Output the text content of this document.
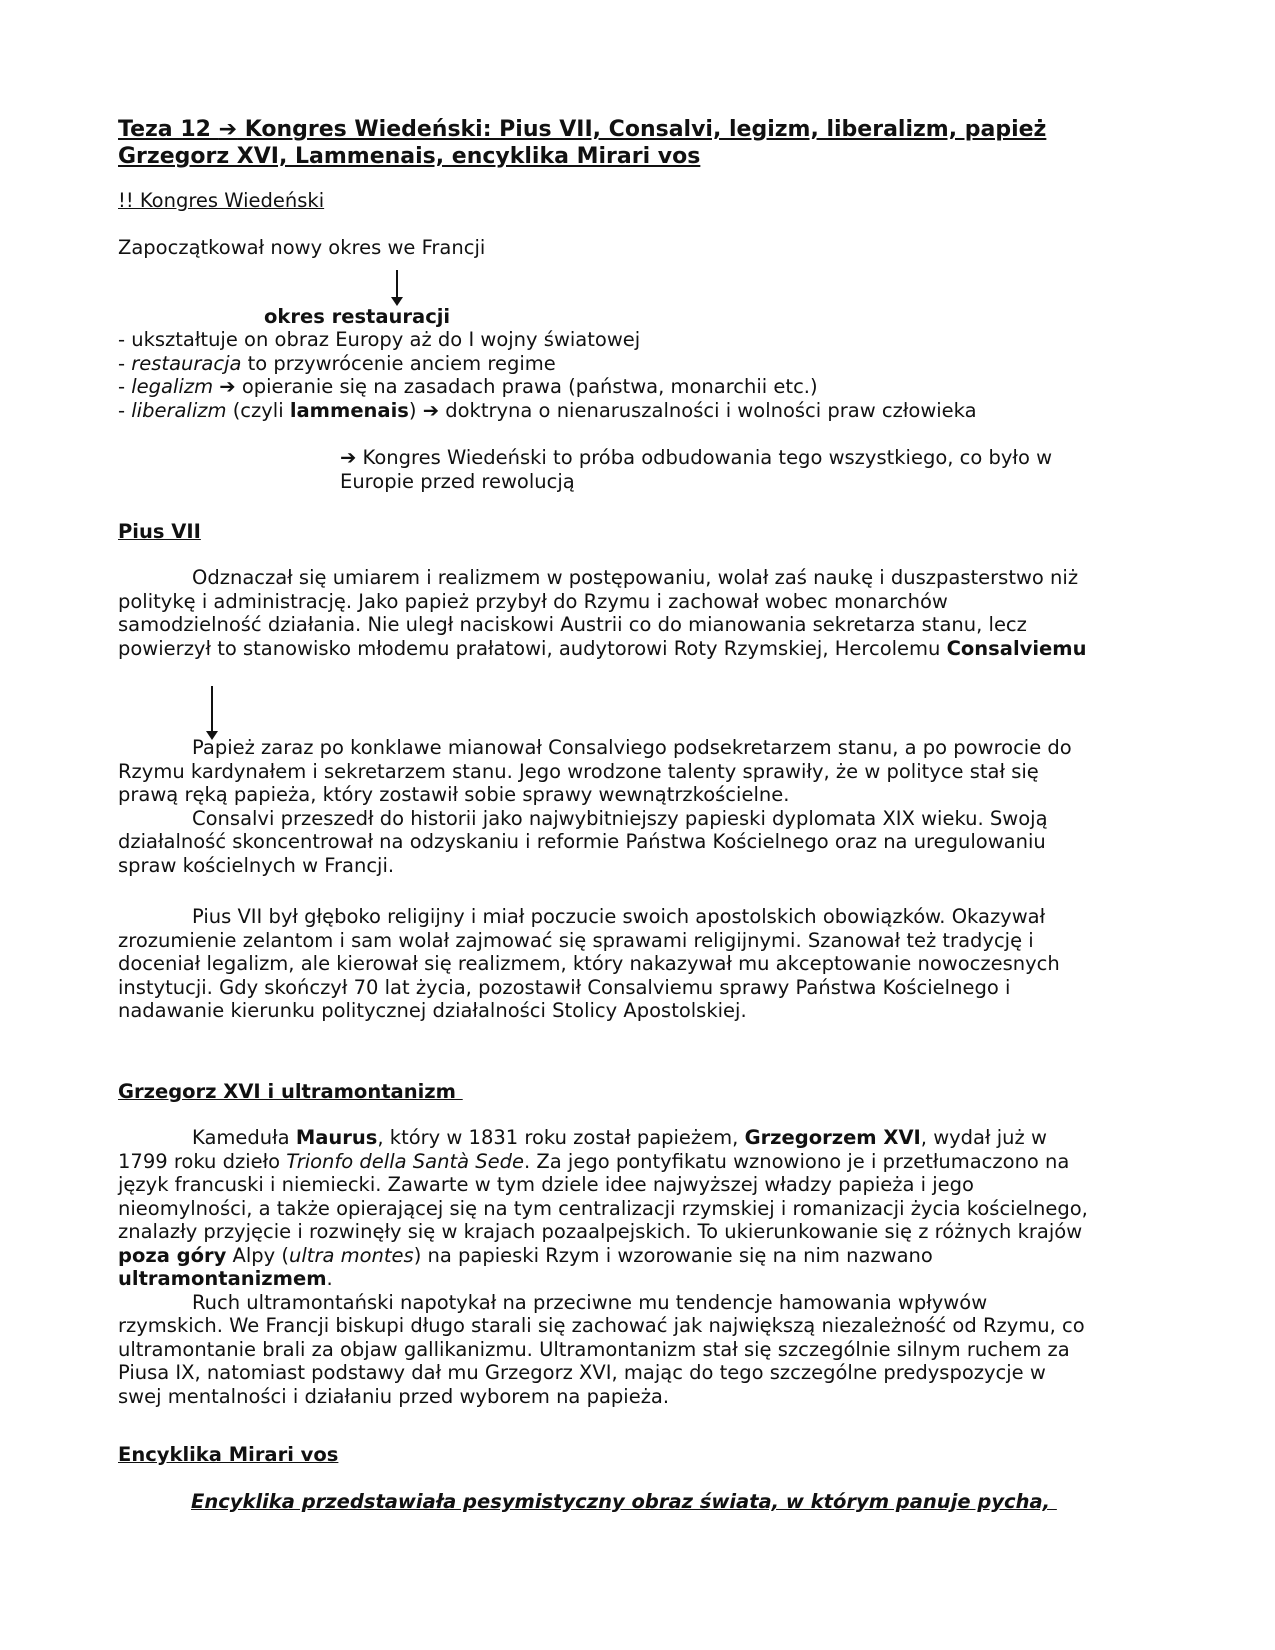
Teza 12 ➔ Kongres Wiedeński: Pius VII, Consalvi, legizm, liberalizm, papież
Grzegorz XVI, Lammenais, encyklika Mirari vos
!! Kongres Wiedeński
Zapoczątkował nowy okres we Francji
okres restauracji
- ukształtuje on obraz Europy aż do I wojny światowej
- restauracja to przywrócenie anciem regime
- legalizm ➔ opieranie się na zasadach prawa (państwa, monarchii etc.)
- liberalizm (czyli lammenais) ➔ doktryna o nienaruszalności i wolności praw człowieka
➔ Kongres Wiedeński to próba odbudowania tego wszystkiego, co było w
Europie przed rewolucją
Pius VII
Odznaczał się umiarem i realizmem w postępowaniu, wolał zaś naukę i duszpasterstwo niż
politykę i administrację. Jako papież przybył do Rzymu i zachował wobec monarchów
samodzielność działania. Nie uległ naciskowi Austrii co do mianowania sekretarza stanu, lecz
powierzył to stanowisko młodemu prałatowi, audytorowi Roty Rzymskiej, Hercolemu Consalviemu
Papież zaraz po konklawe mianował Consalviego podsekretarzem stanu, a po powrocie do
Rzymu kardynałem i sekretarzem stanu. Jego wrodzone talenty sprawiły, że w polityce stał się
prawą ręką papieża, który zostawił sobie sprawy wewnątrzkościelne.
Consalvi przeszedł do historii jako najwybitniejszy papieski dyplomata XIX wieku. Swoją
działalność skoncentrował na odzyskaniu i reformie Państwa Kościelnego oraz na uregulowaniu
spraw kościelnych w Francji.
Pius VII był głęboko religijny i miał poczucie swoich apostolskich obowiązków. Okazywał
zrozumienie zelantom i sam wolał zajmować się sprawami religijnymi. Szanował też tradycję i
doceniał legalizm, ale kierował się realizmem, który nakazywał mu akceptowanie nowoczesnych
instytucji. Gdy skończył 70 lat życia, pozostawił Consalviemu sprawy Państwa Kościelnego i
nadawanie kierunku politycznej działalności Stolicy Apostolskiej.
Grzegorz XVI i ultramontanizm
Kameduła Maurus, który w 1831 roku został papieżem, Grzegorzem XVI, wydał już w
1799 roku dzieło Trionfo della Santà Sede. Za jego pontyfikatu wznowiono je i przetłumaczono na
język francuski i niemiecki. Zawarte w tym dziele idee najwyższej władzy papieża i jego
nieomylności, a także opierającej się na tym centralizacji rzymskiej i romanizacji życia kościelnego,
znalazły przyjęcie i rozwinęły się w krajach pozaalpejskich. To ukierunkowanie się z różnych krajów
poza góry Alpy (ultra montes) na papieski Rzym i wzorowanie się na nim nazwano
ultramontanizmem.
Ruch ultramontański napotykał na przeciwne mu tendencje hamowania wpływów
rzymskich. We Francji biskupi długo starali się zachować jak największą niezależność od Rzymu, co
ultramontanie brali za objaw gallikanizmu. Ultramontanizm stał się szczególnie silnym ruchem za
Piusa IX, natomiast podstawy dał mu Grzegorz XVI, mając do tego szczególne predyspozycje w
swej mentalności i działaniu przed wyborem na papieża.
Encyklika Mirari vos
Encyklika przedstawiała pesymistyczny obraz świata, w którym panuje pycha,
